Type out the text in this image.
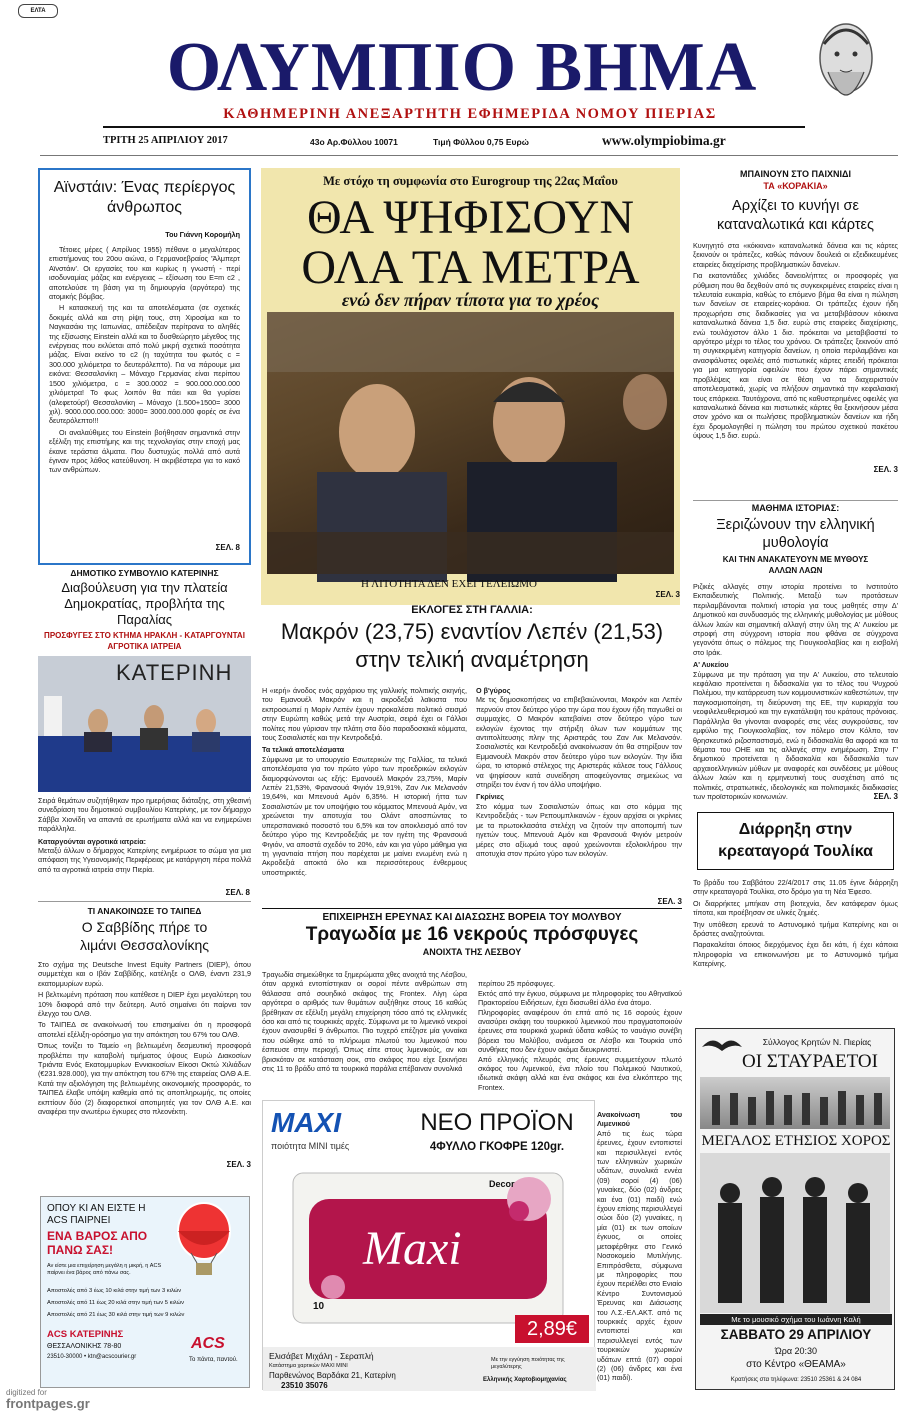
ΕΛΤΑ
ΟΛΥΜΠΙΟ ΒΗΜΑ
ΚΑΘΗΜΕΡΙΝΗ ΑΝΕΞΑΡΤΗΤΗ ΕΦΗΜΕΡΙΔΑ ΝΟΜΟΥ ΠΙΕΡΙΑΣ
ΤΡΙΤΗ 25 ΑΠΡΙΛΙΟΥ 2017	43ο Αρ.Φύλλου 10071	Τιμή Φύλλου 0,75 Ευρώ	www.olympiobima.gr
Αϊνστάιν: Ένας περίεργος άνθρωπος
Του Γιάννη Κορομήλη

Τέτοιες μέρες ( Απρίλιος 1955) πέθανε ο μεγαλύτερος επιστήμονας του 20ου αιώνα, ο Γερμανοεβραίος 'Άλμπερτ Αϊνστάιν'. Οι εργασίες του και κυρίως η γνωστή - περί ισοδυναμίας μάζας και ενέργειας – εξίσωση του E=m c2 , αποτελούσε τη βάση για τη δημιουργία (αργότερα) της ατομικής βόμβας.

Η κατασκευή της και τα αποτελέσματα (σε σχετικές δοκιμές αλλά και στη ρίψη τους, στη Χιροσίμα και το Ναγκασάκι της Ιαπωνίας, απέδειξαν περίτρανα το αληθές της εξίσωσης Einstein αλλά και το δυσθεώρητο μέγεθος της ενέργειας που εκλύεται από πολύ μικρή σχετικά ποσότητα μάζας. Είναι εκείνο το c2 (η ταχύτητα του φωτός c = 300.000 χιλιόμετρα το δευτερόλεπτο). Για να πάρουμε μια εικόνα: Θεσσαλονίκη – Μόναχο Γερμανίας είναι περίπου 1500 χιλιόμετρα, c = 300.0002 = 900.000.000.000 χιλιόμετρα! Το φως λοιπόν θα πάει και θα γυρίσει (αλεφετούρ!) Θεσσαλονίκη – Μόναχο (1.500+1500= 3000 χιλ). 9000.000.000.000: 3000= 3000.000.000 φορές σε ένα δευτερόλεπτο!!!

Οι αναλαύθιμες του Einstein βοήθησαν σημαντικά στην εξέλιξη της επιστήμης και της τεχνολογίας στην εποχή μας έκανε τεράστια άλματα. Που δυστυχώς πολλά από αυτά έγιναν προς λάθος κατεύθυνση. Η ακριβέστερα για το κακό των ανθρώπων.

ΣΕΛ. 8
Με στόχο τη συμφωνία στο Eurogroup της 22ας Μαΐου
ΘΑ ΨΗΦΙΣΟΥΝ
ΟΛΑ ΤΑ ΜΕΤΡΑ
ενώ δεν πήραν τίποτα για το χρέος
Η ΛΙΤΟΤΗΤΑ ΔΕΝ ΕΧΕΙ ΤΕΛΕΙΩΜΟ
ΣΕΛ. 3
ΜΠΑΙΝΟΥΝ ΣΤΟ ΠΑΙΧΝΙΔΙ
ΤΑ «ΚΟΡΑΚΙΑ»
Αρχίζει το κυνήγι σε καταναλωτικά και κάρτες

Κυνηγητό στα «κόκκινα» καταναλωτικά δάνεια και τις κάρτες ξεκινούν οι τράπεζες, καθώς πάνουν δουλειά οι εξειδικευμένες εταιρείες διαχείρισης προβληματικών δανείων.

Για εκατοντάδες χιλιάδες δανειολήπτες οι προσφορές για ρύθμιση που θα δεχθούν από τις συγκεκριμένες εταιρείες είναι η τελευταία ευκαιρία, καθώς το επόμενο βήμα θα είναι η πώληση των δανείων σε εταιρείες-κοράκια. Οι τράπεζες έχουν ήδη προχωρήσει στις διαδικασίες για να μεταβιβάσουν κόκκινα καταναλωτικά δάνεια 1,5 δισ. ευρώ στις εταιρείες διαχείρισης, ενώ τουλάχιστον άλλο 1 δισ. πρόκειται να μεταβιβαστεί το αργότερο μέχρι το τέλος του χρόνου. Οι τράπεζες ξεκινούν από τη συγκεκριμένη κατηγορία δανείων, η οποία περιλαμβάνει και ανασφάλιστες οφειλές από πιστωτικές κάρτες επειδή πρόκειται για μια κατηγορία οφειλών που έχουν πάρει σημαντικές προβλέψεις και είναι σε θέση να τα διαχειριστούν αποτελεσματικά, χωρίς να πλήξουν σημαντικά την κεφαλαιακή τους επάρκεια. Ταυτόχρονα, από τις καθυστερημένες οφειλές για καταναλωτικά δάνεια και πιστωτικές κάρτες θα ξεκινήσουν μέσα στον χρόνο και οι πωλήσεις προβληματικών δανείων και ήδη έχει δρομολογηθεί η πώληση του πρώτου σχετικού πακέτου ύψους 1,5 δισ. ευρώ.

ΣΕΛ. 3
ΜΑΘΗΜΑ ΙΣΤΟΡΙΑΣ:
Ξεριζώνουν την ελληνική μυθολογία
ΚΑΙ ΤΗΝ ΑΝΑΚΑΤΕΥΟΥΝ ΜΕ ΜΥΘΟΥΣ ΑΛΛΩΝ ΛΑΩΝ

Ριζικές αλλαγές στην ιστορία προτείνει το Ινστιτούτο Εκπαιδευτικής Πολιτικής. Μεταξύ των προτάσεων περιλαμβάνονται πολιτική ιστορία για τους μαθητές στην Δ' Δημοτικού και συνδυασμός της ελληνικής μυθολογίας με μύθους άλλων λαών και σημαντική αλλαγή στην ύλη της Α' Λυκείου με στροφή στη σύγχρονη ιστορία που φθάνει σε σύγχρονα γεγονότα όπως ο πόλεμος της Γιουγκοσλαβίας και η εισβολή στο Ιράκ.

Α' Λυκείου

Σύμφωνα με την πρόταση για την Α' Λυκείου, στο τελευταίο κεφάλαιο προτείνεται η διδασκαλία για το τέλος του Ψυχρού Πολέμου, την κατάρρευση των κομμουνιστικών καθεστώτων, την παγκοσμιοποίηση, τη διεύρυνση της ΕΕ, την κυριαρχία του νεοφιλελευθερισμού και την εγκατάλειψη του κράτους πρόνοιας. Παράλληλα θα γίνονται αναφορές στις νέες συγκρούσεις, τον εμφύλιο της Γιουγκοσλαβίας, τον πόλεμο στον Κόλπο, τον θρησκευτικό ριζοσπαστισμό, ενώ η διδασκαλία θα αφορά και τα θέματα του ΟΗΕ και τις αλλαγές στην ενημέρωση. Στην Γ' δημοτικού προτείνεται η διδασκαλία και διδασκαλία των αρχαιοελληνικών μύθων με αναφορές και συνδέσεις με μύθους άλλων λαών και η ερμηνευτική τους συσχέτιση από τις πολιτικές, στρατιωτικές, ιδεολογικές και πολιτισμικές διαδικασίες των προϊστορικών κοινωνιών.	ΣΕΛ. 3
Διάρρηξη στην κρεαταγορά Τουλίκα

Το βράδυ του Σαββάτου 22/4/2017 στις 11.05 έγινε διάρρηξη στην κρεαταγορά Τουλίκα, στο δρόμο για τη Νέα Έφεσο.

Οι διαρρήκτες μπήκαν στη βιοτεχνία, δεν κατάφεραν όμως τίποτα, και προέβησαν σε υλικές ζημιές.

Την υπόθεση ερευνά το Αστυνομικό τμήμα Κατερίνης και οι δράστες αναζητούνται.

Παρακαλείται όποιος διερχόμενος έχει δει κάτι, ή έχει κάποια πληροφορία να επικοινωνήσει με το Αστυνομικό τμήμα Κατερίνης.

Σύλλογος Κρητών Ν. Πιερίας
ΟΙ ΣΤΑΥΡΑΕΤΟΙ
ΜΕΓΑΛΟΣ ΕΤΗΣΙΟΣ ΧΟΡΟΣ
Με το μουσικό σχήμα του Ιωάννη Καλή
ΣΑΒΒΑΤΟ 29 ΑΠΡΙΛΙΟΥ
Ώρα 20:30
στο Κέντρο «ΘΕΑΜΑ»
Κρατήσεις στα τηλέφωνα: 23510 25361 & 24 084
ΔΗΜΟΤΙΚΟ ΣΥΜΒΟΥΛΙΟ ΚΑΤΕΡΙΝΗΣ
Διαβούλευση για την πλατεία Δημοκρατίας, προβλήτα της Παραλίας
ΠΡΟΣΦΥΓΕΣ ΣΤΟ ΚΤΗΜΑ ΗΡΑΚΛΗ - ΚΑΤΑΡΓΟΥΝΤΑΙ ΑΓΡΟΤΙΚΑ ΙΑΤΡΕΙΑ
ΚΑΤΕΡΙΝΗ

Σειρά θεμάτων συζητήθηκαν προ ημερήσιας διάταξης, στη χθεσινή συνεδρίαση του δημοτικού συμβουλίου Κατερίνης, με τον δήμαρχο Σάββα Χιονίδη να απαντά σε ερωτήματα αλλά και να ενημερώνει παράλληλα.

Καταργούνται αγροτικά ιατρεία:

Μεταξύ άλλων ο δήμαρχος Κατερίνης ενημέρωσε το σώμα για μια απόφαση της Υγειονομικής Περιφέρειας με κατάργηση πέρα πολλά από τα αγροτικά ιατρεία στην Πιερία.

ΣΕΛ. 8
ΤΙ ΑΝΑΚΟΙΝΩΣΕ ΤΟ ΤΑΙΠΕΔ
Ο Σαββίδης πήρε το λιμάνι Θεσσαλονίκης

Στο σχήμα της Deutsche Invest Equity Partners (DIEP), όπου συμμετέχει και ο Ιβάν Σαββίδης, κατέληξε ο ΟΛΘ, έναντι 231,9 εκατομμυρίων ευρώ.

Η βελτιωμένη πρόταση που κατέθεσε η DIEP έχει μεγαλύτερη του 10% διαφορά από την δεύτερη. Αυτό σημαίνει ότι παίρνει τον έλεγχο του ΟΛΘ.

Το ΤΑΙΠΕΔ σε ανακοίνωσή του επισημαίνει ότι η προσφορά αποτελεί εξέλιξη-ορόσημο για την απόκτηση του 67% του ΟΛΘ.

Όπως τονίζει το Ταμείο «η βελτιωμένη δεσμευτική προσφορά προβλέπει την καταβολή τιμήματος ύψους Ευρώ Διακοσίων Τριάντα Ενός Εκατομμυρίων Εννιακοσίων Είκοσι Οκτώ Χιλιάδων (€231.928.000), για την απόκτηση του 67% της εταιρείας ΟΛΘ Α.Ε. Κατά την αξιολόγηση της βελτιωμένης οικονομικής προσφοράς, το ΤΑΙΠΕΔ έλαβε υπόψη καθεμία από τις αποπληρωμής, τις οποίες εκπτίουν δύο (2) διαφορετικοί αποτιμητές για τον ΟΛΘ Α.Ε. και αναφέρει την ανωτέρω έγκυρες στο πλεονέκτη.

ΣΕΛ. 3
ΟΠΟΥ ΚΙ ΑΝ ΕΙΣΤΕ Η ACS ΠΑΙΡΝΕΙ
ΕΝΑ ΒΑΡΟΣ ΑΠΟ ΠΑΝΩ ΣΑΣ!
Αν είστε μια επιχείρηση μεγάλη η μικρή, η ACS παίρνει ένα βάρος από πάνω σας.
Αποστολές από 3 έως 10 κιλά στην τιμή των 3 κιλών
Αποστολές από 11 έως 20 κιλά στην τιμή των 5 κιλών
Αποστολές από 21 έως 30 κιλά στην τιμή των 9 κιλών
ACS ΚΑΤΕΡΙΝΗΣ
ΘΕΣΣΑΛΟΝΙΚΗΣ 78-80
23510-30000 • ktn@acscourier.gr
ACS
Το πάντα, παντού.
ΕΚΛΟΓΕΣ ΣΤΗ ΓΑΛΛΙΑ:
Μακρόν (23,75) εναντίον Λεπέν (21,53) στην τελική αναμέτρηση

Η «ιερή» άνοδος ενός αρχάριου της γαλλικής πολιτικής σκηνής, του Εμανουέλ Μακρόν και η ακροδεξιά λαϊκιστα που εκπροσωπεί η Μαρίν Λεπέν έχουν προκαλέσει πολιτικό σεισμό στην Ευρώπη καθώς μετά την Αυστρία, σειρά έχει οι Γάλλοι πολίτες που γύρισαν την πλάτη στα δύο παραδοσιακά κόμματα, τους Σοσιαλιστές και την Κεντροδεξιά.

Τα τελικά αποτελέσματα

Σύμφωνα με το υπουργείο Εσωτερικών της Γαλλίας, τα τελικά αποτελέσματα για τον πρώτο γύρο των προεδρικών εκλογών διαμορφώνονται ως εξής: Εμανουέλ Μακρόν 23,75%, Μαρίν Λεπέν 21,53%, Φρανσουά Φιγιόν 19,91%, Ζαν Λικ Μελανσόν 19,64%, και Μπενουά Αμόν 6,35%. Η ιστορική ήττα των Σοσιαλιστών με τον υποψήφιο του κόμματος Μπενουά Αμόν, να χρεώνεται την αποτυχία του Ολάντ αποσπώντας το υπερσπανιακό ποσοστό του 6,5% και τον αποκλεισμό από τον δεύτερο γύρο της Κεντροδεξιάς με τον ηγέτη της Φρανσουά Φιγιόν, να αποστά σχεδόν το 20%, εάν και για γύρο μάθημα για τη γιγαντιαία πτήση που παρέχεται με μαίνει ενωμένη ενώ η Ακροδεξιά αποκτά όλο και περισσότερους ένθερμους υποστηρικτές.

Ο β'γύρος

Με τις δημοσκοπήσεις να επιβεβαιώνονται, Μακρόν και Λεπέν περνούν στον δεύτερο γύρο την ώρα που έχουν ήδη παγωθεί οι συμμαχίες. Ο Μακρόν κατεβαίνει στον δεύτερο γύρο των εκλογών έχοντας την στήριξη όλων των κομμάτων της αντιπολίτευσης πλην της Αριστεράς του Ζαν Λικ Μελανσόν. Σοσιαλιστές και Κεντροδεξιά ανακοίνωσαν ότι θα στηρίξουν τον Εμμανουέλ Μακρόν στον δεύτερο γύρο των εκλογών. Την ίδια ώρα, το ιστορικό στέλεχος της Αριστεράς κάλεσε τους Γάλλους να ψηφίσουν κατά συνείδηση αποφεύγοντας σημειώως να στηρίξει τον έναν ή τον άλλο υποψήφιο.

Γκρίνιες

Στο κόμμα των Σοσιαλιστών όπως και στο κόμμα της Κεντροδεξιάς - των Ρεπουμπλικανών - έχουν αρχίσει οι γκρίνιες με τα πρωτοκλασάτα στελέχη να ζητούν την αποπομπή των ηγετών τους. Μπενουά Αμόν και Φρανσουά Φιγιόν μετρούν μέρες στο αξίωμά τους αφού χρεώνονται εξολοκλήρου την αποτυχία στον πρώτο γύρο των εκλογών.

ΣΕΛ. 3
ΕΠΙΧΕΙΡΗΣΗ ΕΡΕΥΝΑΣ ΚΑΙ ΔΙΑΣΩΣΗΣ ΒΟΡΕΙΑ ΤΟΥ ΜΟΛΥΒΟΥ
Τραγωδία με 16 νεκρούς πρόσφυγες
ΑΝΟΙΧΤΑ ΤΗΣ ΛΕΣΒΟΥ
Τραγωδία σημειώθηκε τα ξημερώματα χθες ανοιχτά της Λέσβου, όταν αρχικά εντοπίστηκαν οι σοροί πέντε ανθρώπων στη θάλασσα από σουηδικό σκάφος της Frontex. Λίγη ώρα αργότερα ο αριθμός των θυμάτων αυξήθηκε στους 16 καθώς βρέθηκαν σε εξέλιξη μεγάλη επιχείρηση τόσο από τις ελληνικές όσο και από τις τουρκικές αρχές. Σύμφωνα με το λιμενικό νεκροί έχουν ανασυρθεί 9 άνθρωποι. Πιο τυχερό επέζησε μία γυναίκα που σώθηκε από το πλήρωμα πλωτού του λιμενικού που έσπευσε στην περιοχή. Όπως είπε στους λιμενικούς, αν και βρισκόταν σε κατάσταση σοκ, στο σκάφος που είχε ξεκινήσει στις 11 το βράδυ από τα τουρκικά παράλια επέβαιναν συνολικά

περίπου 25 πρόσφυγες.
Εκτός από την έγκυο, σύμφωνα με πληροφορίες του Αθηναϊκού Πρακτορείου Ειδήσεων, έχει διασωθεί άλλο ένα άτομο.
Πληροφορίες αναφέρουν ότι επτά από τις 16 σορούς έχουν ανασύρει σκάφη του τουρκικού λιμενικού που πραγματοποιούν έρευνες στα τουρκικά χωρικά ύδατα καθώς το ναυάγιο συνέβη βόρεια του Μολύβου, ανάμεσα σε Λέσβο και Τουρκία υπό συνθήκες που δεν έχουν ακόμα διευκρινιστεί.
Από ελληνικής πλευράς στις έρευνες συμμετέχουν πλωτό σκάφος του Λιμενικού, ένα πλοίο του Πολεμικού Ναυτικού, ιδιωτικά σκάφη αλλά και ένα σκάφος και ένα ελικόπτερο της Frontex.

Ανακοίνωση του Λιμενικού

Από τις έως τώρα έρευνες, έχουν εντοπιστεί και περισυλλεγεί εντός των ελληνικών χωρικών υδάτων, συνολικά εννέα (09) σοροί (4) (06) γυναίκες, δύο (02) άνδρες και ένα (01) παιδί) ενώ έχουν επίσης περισυλλεγεί σώοι δύο (2) γυναίκες, η μία (01) εκ των οποίων έγκυος, οι οποίες μεταφέρθηκε στο Γενικό Νοσοκομείο Μυτιλήνης. Επιπρόσθετα, σύμφωνα με πληροφορίες που έχουν περιέλθει στο Ενιαίο Κέντρο Συντονισμού Έρευνας και Διάσωσης του Λ.Σ.-ΕΛ.ΑΚΤ. από τις τουρκικές αρχές έχουν εντοπιστεί και περισυλλεγεί εντός των τουρκικών χωρικών υδάτων επτά (07) σοροί (2) (06) άνδρες και ένα (01) παιδί).

MAXI
ποιότητα MINI τιμές
ΝΕΟ ΠΡΟΪΟΝ
4ΦΥΛΛΟ ΓΚΟΦΡΕ 120gr.
Maxi
Decor
10
2,89€
Ελισάβετ Μιχάλη - Σεραπλή
Κατάστημα χαρτικών MAXI MINI
Παρθενώνος Βαρδάκα 21, Κατερίνη
23510 35076
Με την εγγύηση ποιότητας της μεγαλύτερης
Ελληνικής Χαρτοβιομηχανίας
digitized for
frontpages.gr
